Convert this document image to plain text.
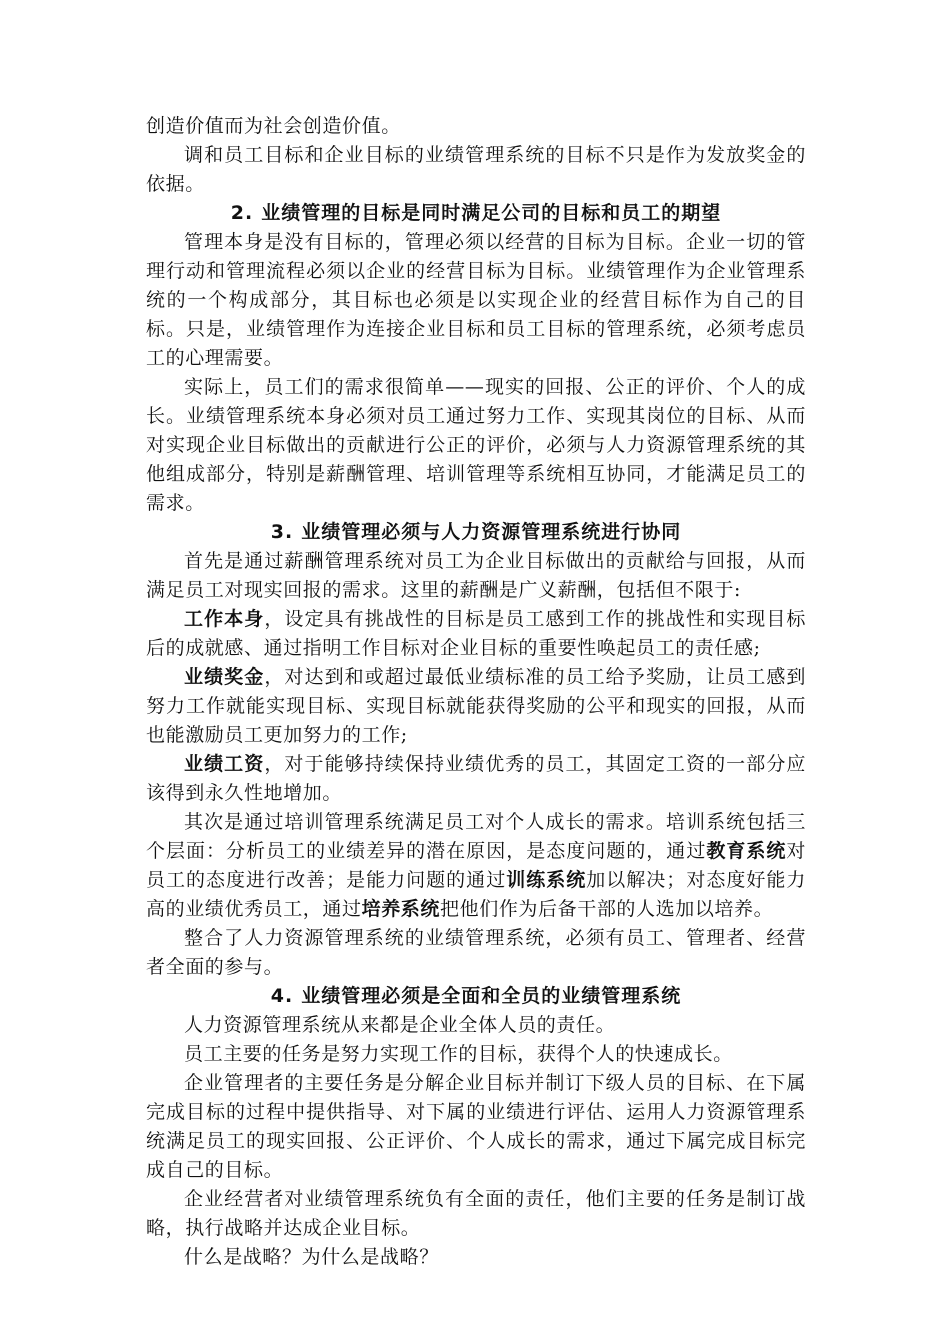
创造价值而为社会创造价值。

调和员工目标和企业目标的业绩管理系统的目标不只是作为发放奖金的依据。

2. 业绩管理的目标是同时满足公司的目标和员工的期望

管理本身是没有目标的，管理必须以经营的目标为目标。企业一切的管理行动和管理流程必须以企业的经营目标为目标。业绩管理作为企业管理系统的一个构成部分，其目标也必须是以实现企业的经营目标作为自己的目标。只是，业绩管理作为连接企业目标和员工目标的管理系统，必须考虑员工的心理需要。

实际上，员工们的需求很简单——现实的回报、公正的评价、个人的成长。业绩管理系统本身必须对员工通过努力工作、实现其岗位的目标、从而对实现企业目标做出的贡献进行公正的评价，必须与人力资源管理系统的其他组成部分，特别是薪酬管理、培训管理等系统相互协同，才能满足员工的需求。

3. 业绩管理必须与人力资源管理系统进行协同

首先是通过薪酬管理系统对员工为企业目标做出的贡献给与回报，从而满足员工对现实回报的需求。这里的薪酬是广义薪酬，包括但不限于:

工作本身，设定具有挑战性的目标是员工感到工作的挑战性和实现目标后的成就感、通过指明工作目标对企业目标的重要性唤起员工的责任感;

业绩奖金，对达到和或超过最低业绩标准的员工给予奖励，让员工感到努力工作就能实现目标、实现目标就能获得奖励的公平和现实的回报，从而也能激励员工更加努力的工作;

业绩工资，对于能够持续保持业绩优秀的员工，其固定工资的一部分应该得到永久性地增加。

其次是通过培训管理系统满足员工对个人成长的需求。培训系统包括三个层面：分析员工的业绩差异的潜在原因，是态度问题的，通过教育系统对员工的态度进行改善；是能力问题的通过训练系统加以解决；对态度好能力高的业绩优秀员工，通过培养系统把他们作为后备干部的人选加以培养。

整合了人力资源管理系统的业绩管理系统，必须有员工、管理者、经营者全面的参与。

4. 业绩管理必须是全面和全员的业绩管理系统

人力资源管理系统从来都是企业全体人员的责任。

员工主要的任务是努力实现工作的目标，获得个人的快速成长。

企业管理者的主要任务是分解企业目标并制订下级人员的目标、在下属完成目标的过程中提供指导、对下属的业绩进行评估、运用人力资源管理系统满足员工的现实回报、公正评价、个人成长的需求，通过下属完成目标完成自己的目标。

企业经营者对业绩管理系统负有全面的责任，他们主要的任务是制订战略，执行战略并达成企业目标。

什么是战略？为什么是战略？
